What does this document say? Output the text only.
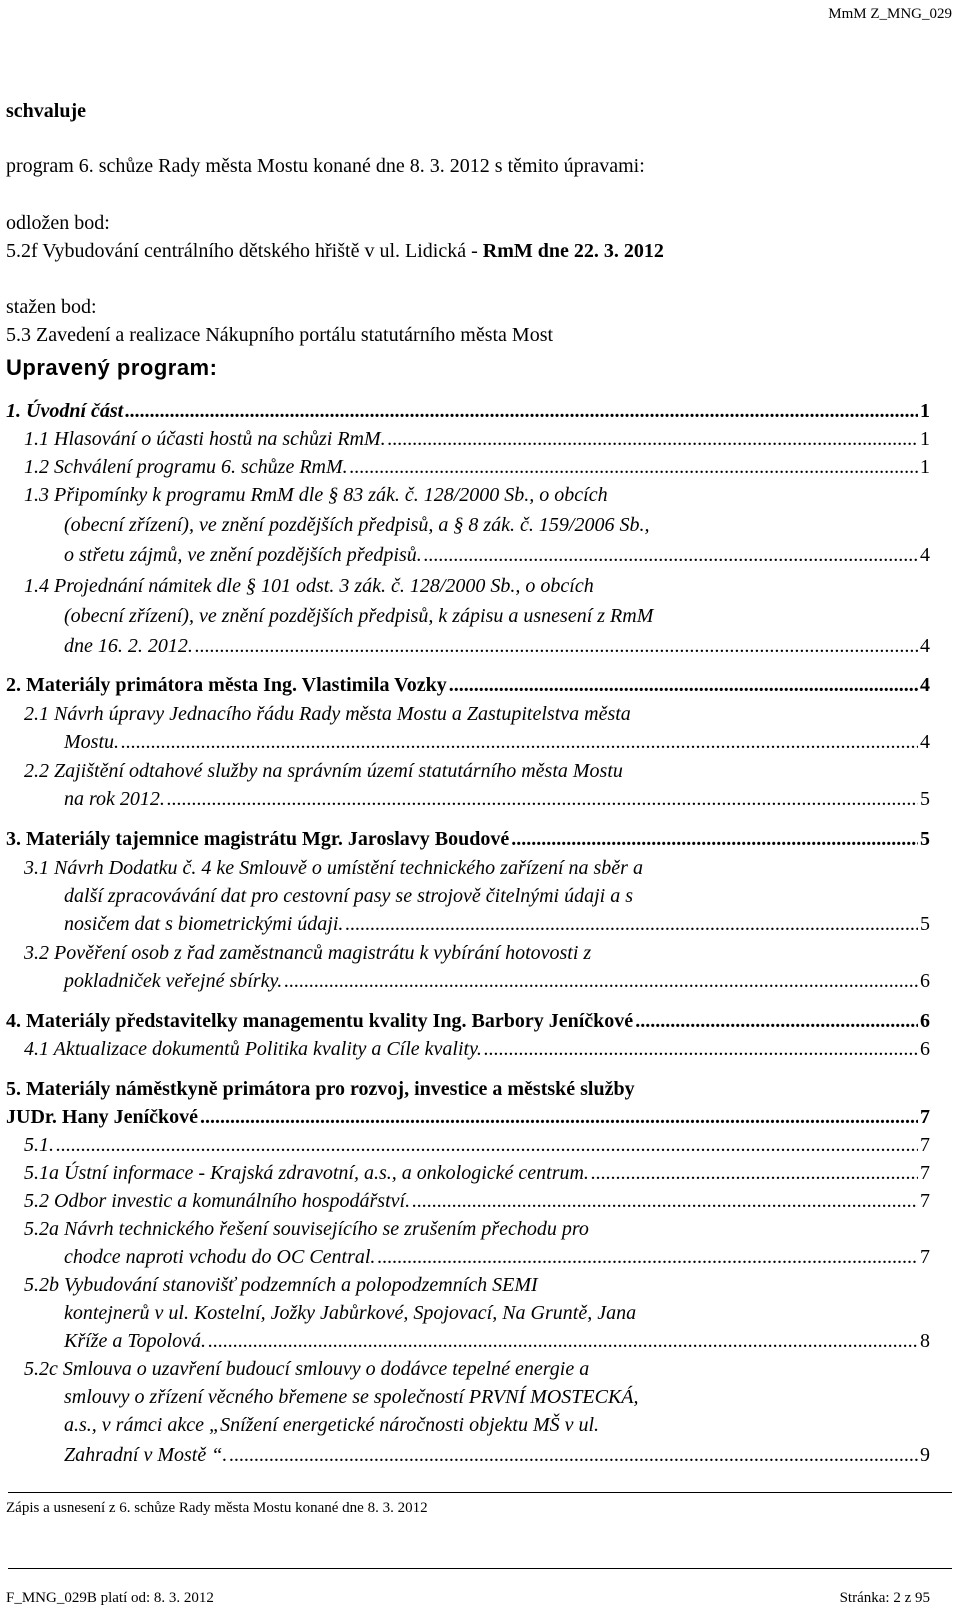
MmM Z_MNG_029
schvaluje
program 6. schůze Rady města Mostu konané dne 8. 3. 2012 s těmito úpravami:
odložen bod:
5.2f Vybudování centrálního dětského hřiště v ul. Lidická - RmM dne 22. 3. 2012
stažen bod:
5.3 Zavedení a realizace Nákupního portálu statutárního města Most
Upravený program:
1. Úvodní část .....	1
1.1 Hlasování o účasti hostů na schůzi RmM. .....	1
1.2 Schválení programu 6. schůze RmM. .....	1
1.3 Připomínky k programu RmM dle § 83 zák. č. 128/2000 Sb., o obcích
(obecní zřízení), ve znění pozdějších předpisů, a § 8 zák. č. 159/2006 Sb.,
o střetu zájmů, ve znění pozdějších předpisů. .....	4
1.4 Projednání námitek dle § 101 odst. 3 zák. č. 128/2000 Sb., o obcích
(obecní zřízení), ve znění pozdějších předpisů, k zápisu a usnesení z RmM
dne 16. 2. 2012. .....	4
2. Materiály primátora města Ing. Vlastimila Vozky .....	4
2.1 Návrh úpravy Jednacího řádu Rady města Mostu a Zastupitelstva města
Mostu. .....	4
2.2 Zajištění odtahové služby na správním území statutárního města Mostu
na rok 2012. .....	5
3. Materiály tajemnice magistrátu Mgr. Jaroslavy Boudové .....	5
3.1 Návrh Dodatku č. 4 ke Smlouvě o umístění technického zařízení na sběr a
další zpracovávání dat pro cestovní pasy se strojově čitelnými údaji a s
nosičem dat s biometrickými údaji. .....	5
3.2 Pověření osob z řad zaměstnanců magistrátu k vybírání hotovosti z
pokladniček veřejné sbírky. .....	6
4. Materiály představitelky managementu kvality Ing. Barbory Jeníčkové .....	6
4.1 Aktualizace dokumentů Politika kvality a Cíle kvality. .....	6
5. Materiály náměstkyně primátora pro rozvoj, investice a městské služby
JUDr. Hany Jeníčkové .....	7
5.1. .....	7
5.1a Ústní informace - Krajská zdravotní, a.s., a onkologické centrum. .....	7
5.2 Odbor investic a komunálního hospodářství. .....	7
5.2a Návrh technického řešení souvisejícího se zrušením přechodu pro
chodce naproti vchodu do OC Central. .....	7
5.2b Vybudování stanovišť podzemních a polopodzemních SEMI
kontejnerů v ul. Kostelní, Jožky Jabůrkové, Spojovací, Na Gruntě, Jana
Kříže a Topolová. .....	8
5.2c Smlouva o uzavření budoucí smlouvy o dodávce tepelné energie a
smlouvy o zřízení věcného břemene se společností PRVNÍ MOSTECKÁ,
a.s., v rámci akce „Snížení energetické náročnosti objektu MŠ v ul.
Zahradní v Mostě “. .....	9
Zápis a usnesení z 6. schůze Rady města Mostu konané dne 8. 3. 2012
F_MNG_029B platí od: 8. 3. 2012	Stránka: 2 z 95
